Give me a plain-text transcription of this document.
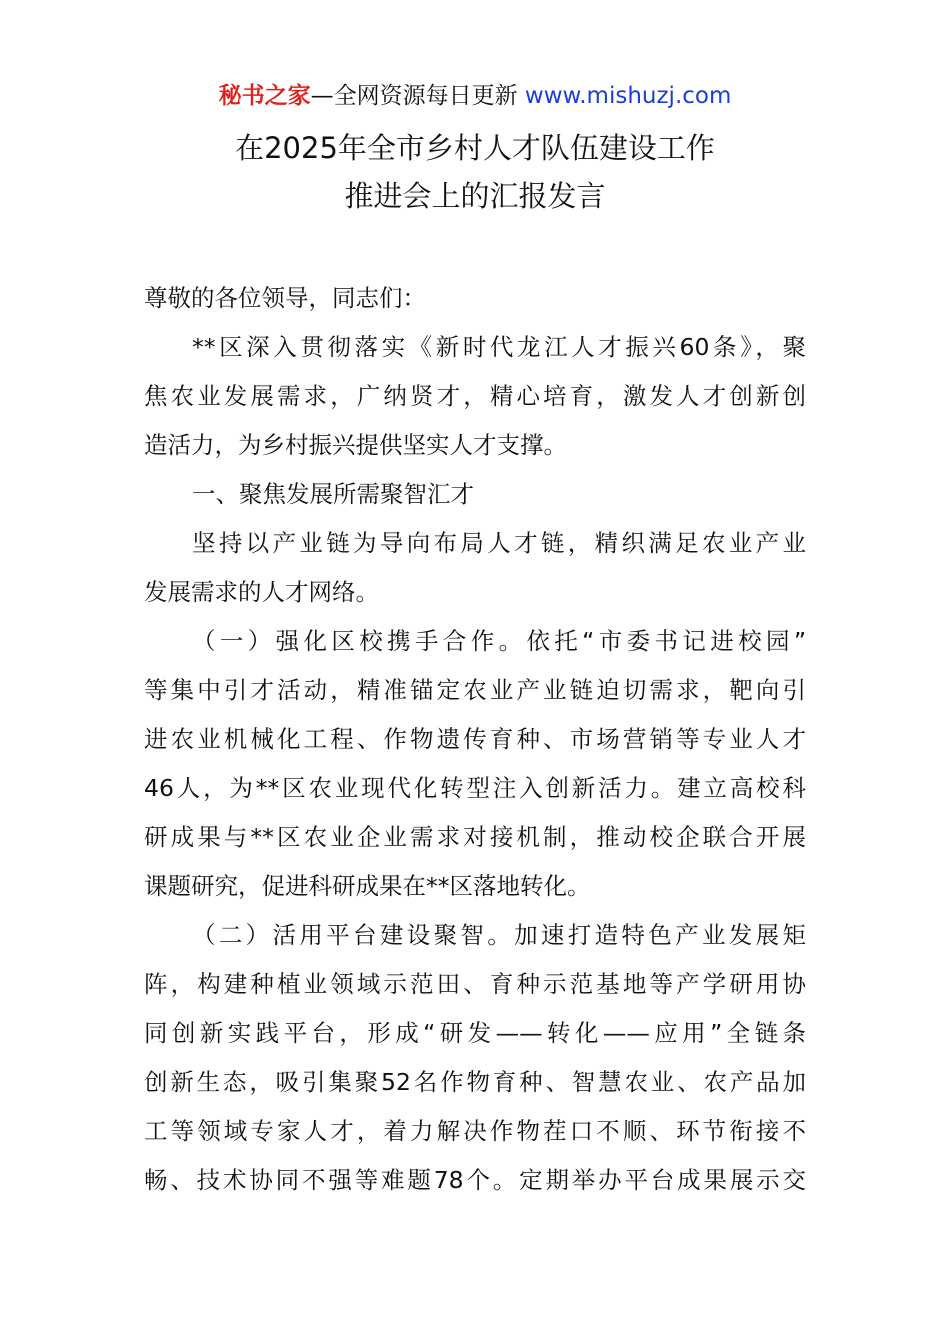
秘书之家—全网资源每日更新 www.mishuzj.com
在2025年全市乡村人才队伍建设工作
推进会上的汇报发言
尊敬的各位领导，同志们：
**区深入贯彻落实《新时代龙江人才振兴60条》，聚
焦农业发展需求，广纳贤才，精心培育，激发人才创新创
造活力，为乡村振兴提供坚实人才支撑。
一、聚焦发展所需聚智汇才
坚持以产业链为导向布局人才链，精织满足农业产业
发展需求的人才网络。
（一）强化区校携手合作。依托“市委书记进校园”
等集中引才活动，精准锚定农业产业链迫切需求，靶向引
进农业机械化工程、作物遗传育种、市场营销等专业人才
46人，为**区农业现代化转型注入创新活力。建立高校科
研成果与**区农业企业需求对接机制，推动校企联合开展
课题研究，促进科研成果在**区落地转化。
（二）活用平台建设聚智。加速打造特色产业发展矩
阵，构建种植业领域示范田、育种示范基地等产学研用协
同创新实践平台，形成“研发——转化——应用”全链条
创新生态，吸引集聚52名作物育种、智慧农业、农产品加
工等领域专家人才，着力解决作物茬口不顺、环节衔接不
畅、技术协同不强等难题78个。定期举办平台成果展示交
